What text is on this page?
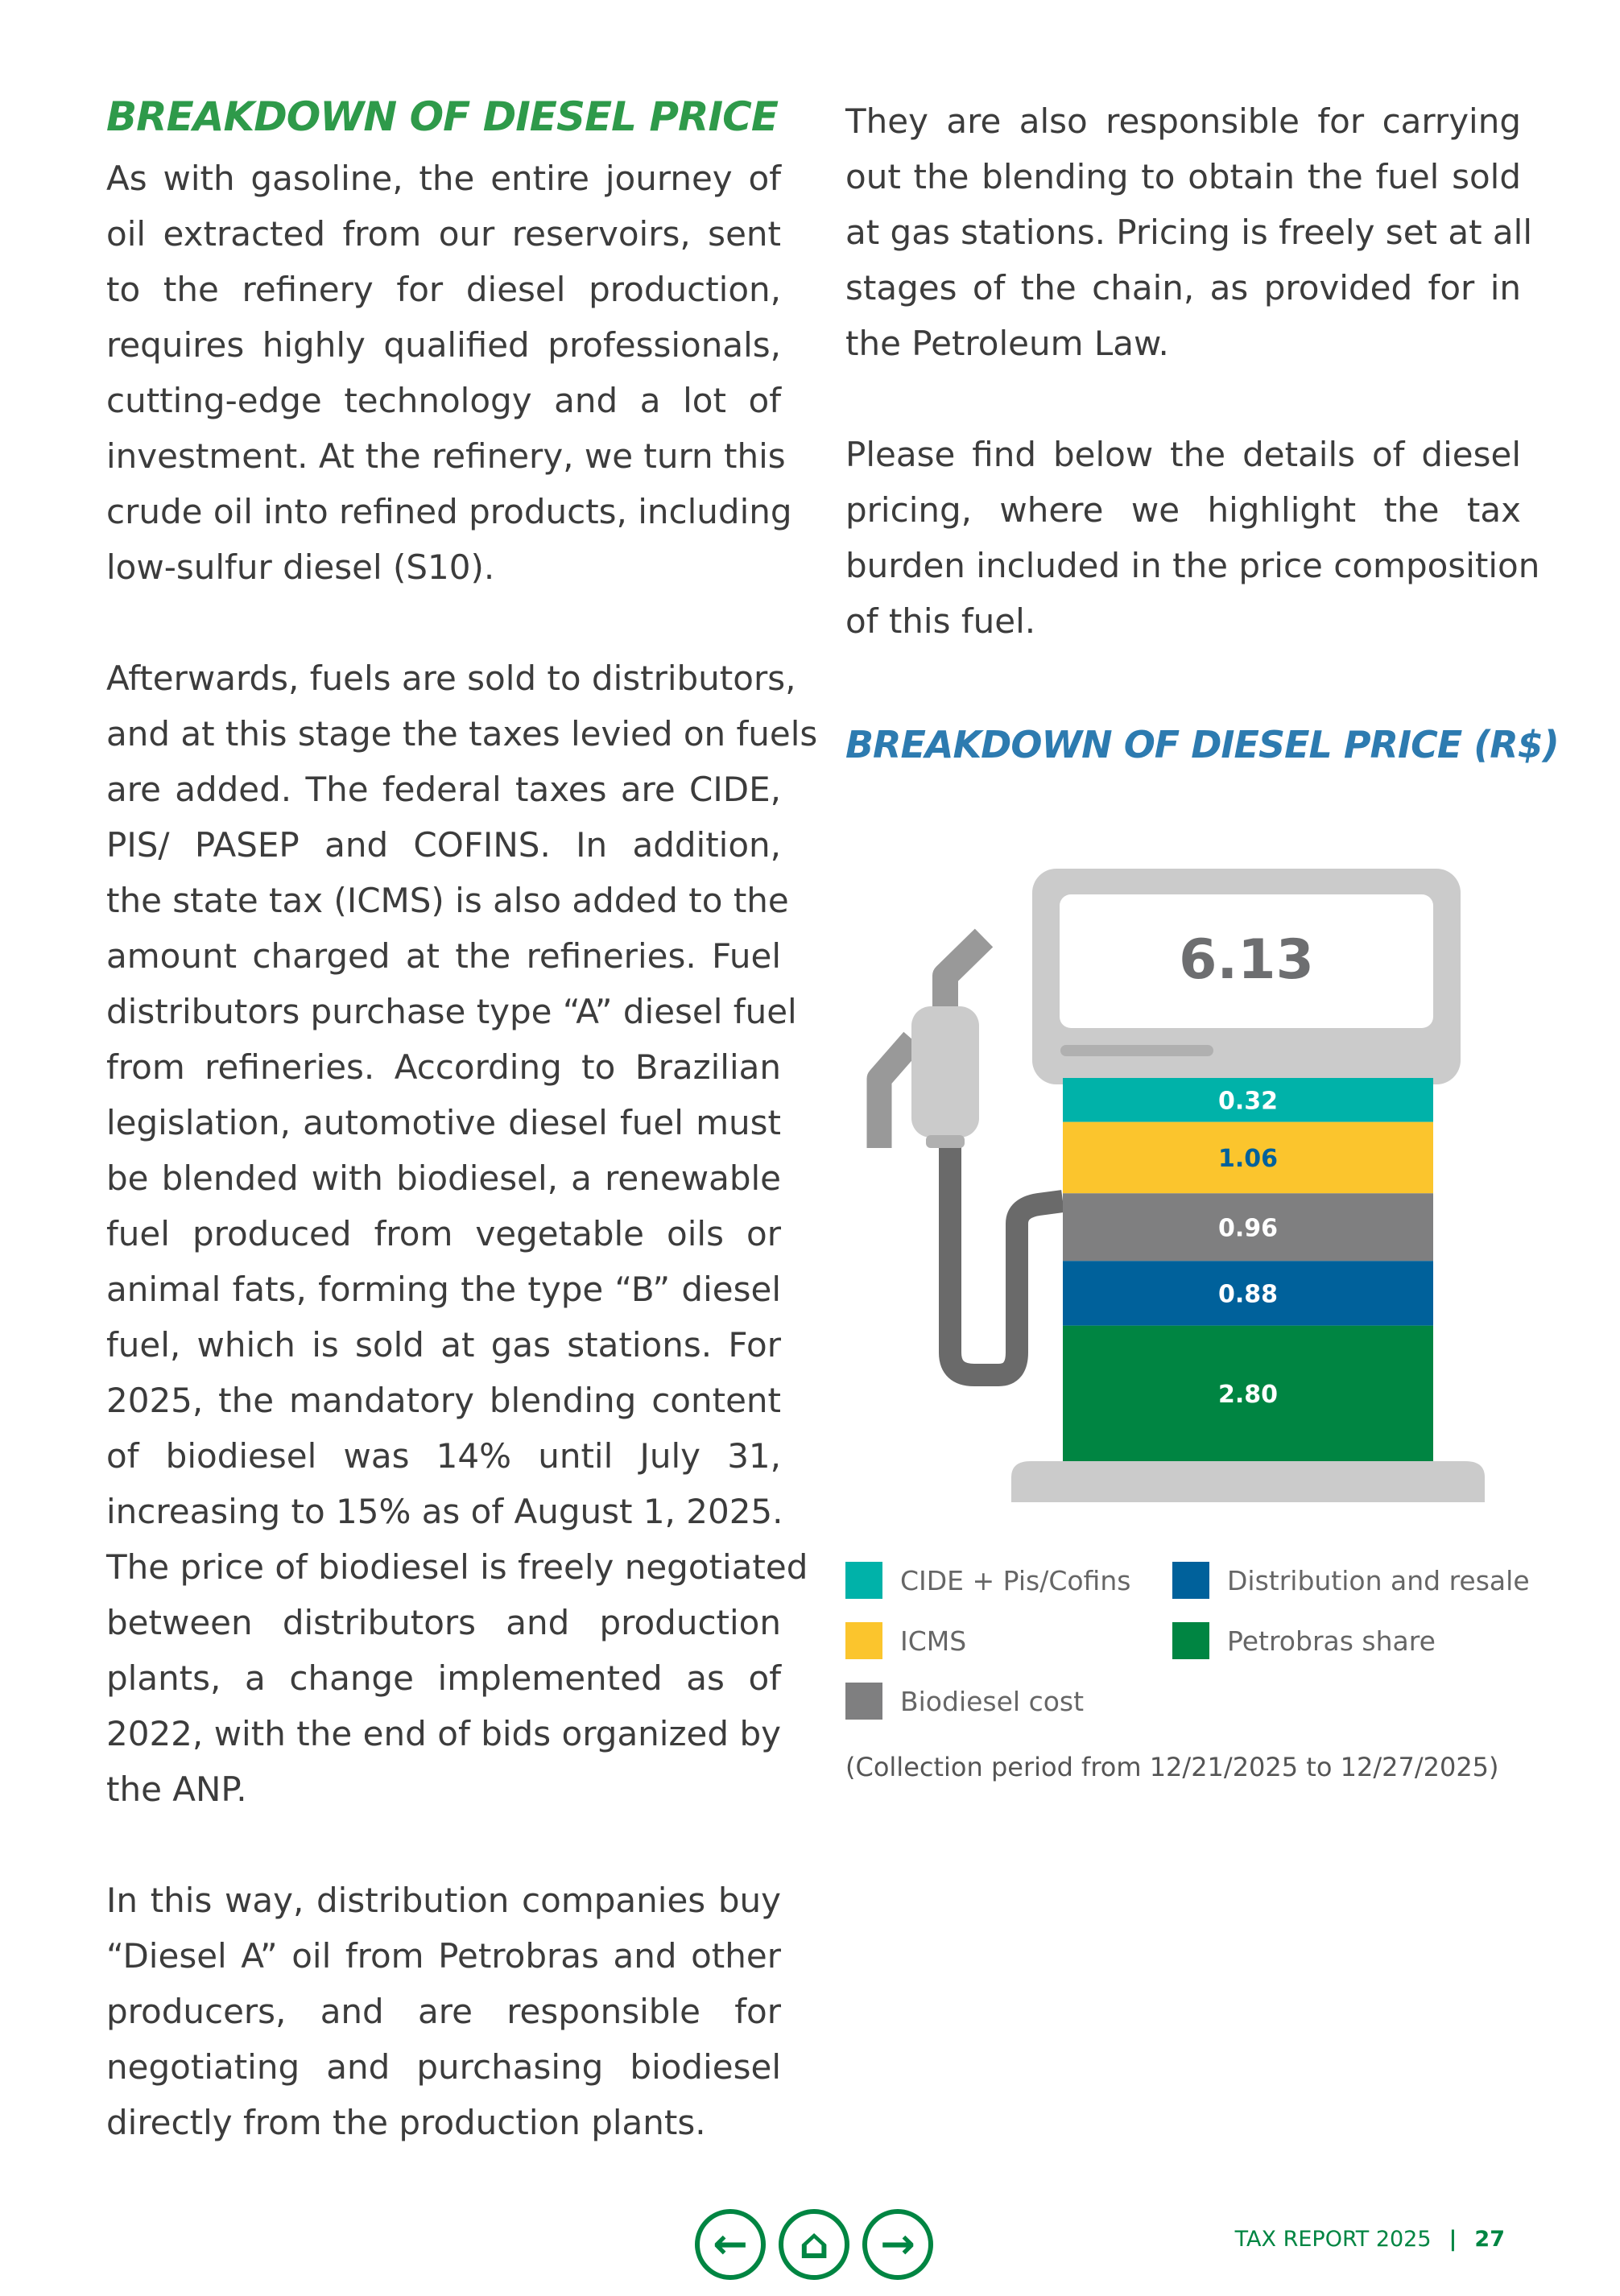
BREAKDOWN OF DIESEL PRICE
As with gasoline, the entire journey of
oil extracted from our reservoirs, sent
to the refinery for diesel production,
requires highly qualified professionals,
cutting-edge technology and a lot of
investment. At the refinery, we turn this
crude oil into refined products, including
low-sulfur diesel (S10).
Afterwards, fuels are sold to distributors,
and at this stage the taxes levied on fuels
are added. The federal taxes are CIDE,
PIS/ PASEP and COFINS. In addition,
the state tax (ICMS) is also added to the
amount charged at the refineries. Fuel
distributors purchase type “A” diesel fuel
from refineries. According to Brazilian
legislation, automotive diesel fuel must
be blended with biodiesel, a renewable
fuel produced from vegetable oils or
animal fats, forming the type “B” diesel
fuel, which is sold at gas stations. For
2025, the mandatory blending content
of biodiesel was 14% until July 31,
increasing to 15% as of August 1, 2025.
The price of biodiesel is freely negotiated
between distributors and production
plants, a change implemented as of
2022, with the end of bids organized by
the ANP.
In this way, distribution companies buy
“Diesel A” oil from Petrobras and other
producers, and are responsible for
negotiating and purchasing biodiesel
directly from the production plants.
They are also responsible for carrying
out the blending to obtain the fuel sold
at gas stations. Pricing is freely set at all
stages of the chain, as provided for in
the Petroleum Law.
Please find below the details of diesel
pricing, where we highlight the tax
burden included in the price composition
of this fuel.
BREAKDOWN OF DIESEL PRICE (R$)
6.13
0.32
1.06
0.96
0.88
2.80
CIDE + Pis/Cofins	Distribution and resale
ICMS	Petrobras share
Biodiesel cost
(Collection period from 12/21/2025 to 12/27/2025)
← ⌂ →	TAX REPORT 2025 | 27
